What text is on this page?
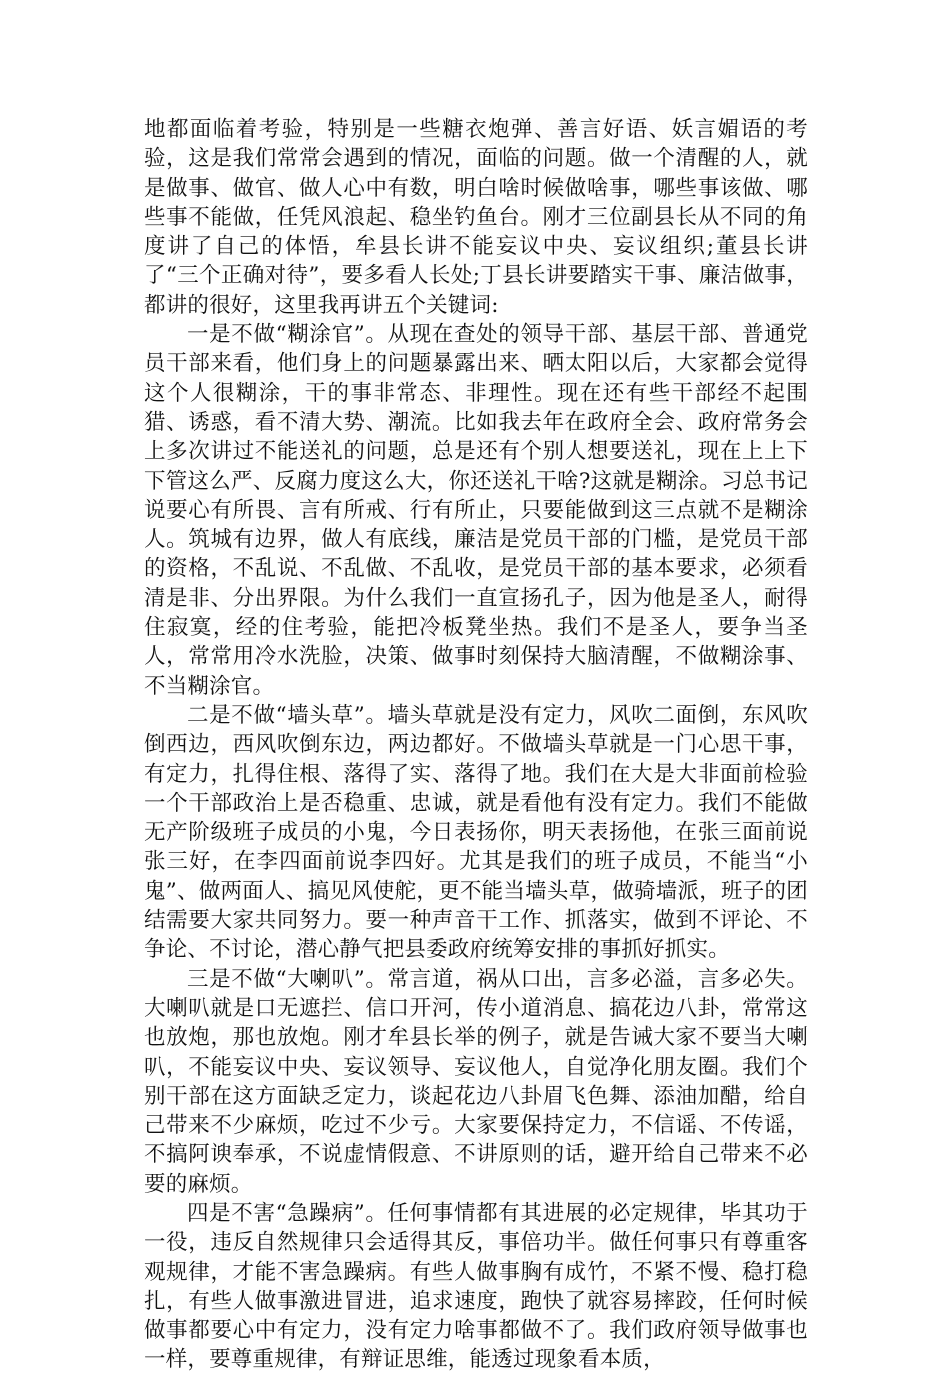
地都面临着考验，特别是一些糖衣炮弹、善言好语、妖言媚语的考验，这是我们常常会遇到的情况，面临的问题。做一个清醒的人，就是做事、做官、做人心中有数，明白啥时候做啥事，哪些事该做、哪些事不能做，任凭风浪起、稳坐钓鱼台。刚才三位副县长从不同的角度讲了自己的体悟，牟县长讲不能妄议中央、妄议组织;董县长讲了“三个正确对待”，要多看人长处;丁县长讲要踏实干事、廉洁做事，都讲的很好，这里我再讲五个关键词:

一是不做“糊涂官”。从现在查处的领导干部、基层干部、普通党员干部来看，他们身上的问题暴露出来、晒太阳以后，大家都会觉得这个人很糊涂，干的事非常态、非理性。现在还有些干部经不起围猎、诱惑，看不清大势、潮流。比如我去年在政府全会、政府常务会上多次讲过不能送礼的问题，总是还有个别人想要送礼，现在上上下下管这么严、反腐力度这么大，你还送礼干啥?这就是糊涂。习总书记说要心有所畏、言有所戒、行有所止，只要能做到这三点就不是糊涂人。筑城有边界，做人有底线，廉洁是党员干部的门槛，是党员干部的资格，不乱说、不乱做、不乱收，是党员干部的基本要求，必须看清是非、分出界限。为什么我们一直宣扬孔子，因为他是圣人，耐得住寂寞，经的住考验，能把冷板凳坐热。我们不是圣人，要争当圣人，常常用冷水洗脸，决策、做事时刻保持大脑清醒，不做糊涂事、不当糊涂官。

二是不做“墙头草”。墙头草就是没有定力，风吹二面倒，东风吹倒西边，西风吹倒东边，两边都好。不做墙头草就是一门心思干事，有定力，扎得住根、落得了实、落得了地。我们在大是大非面前检验一个干部政治上是否稳重、忠诚，就是看他有没有定力。我们不能做无产阶级班子成员的小鬼，今日表扬你，明天表扬他，在张三面前说张三好，在李四面前说李四好。尤其是我们的班子成员，不能当“小鬼”、做两面人、搞见风使舵，更不能当墙头草，做骑墙派，班子的团结需要大家共同努力。要一种声音干工作、抓落实，做到不评论、不争论、不讨论，潜心静气把县委政府统筹安排的事抓好抓实。

三是不做“大喇叭”。常言道，祸从口出，言多必溢，言多必失。大喇叭就是口无遮拦、信口开河，传小道消息、搞花边八卦，常常这也放炮，那也放炮。刚才牟县长举的例子，就是告诫大家不要当大喇叭，不能妄议中央、妄议领导、妄议他人，自觉净化朋友圈。我们个别干部在这方面缺乏定力，谈起花边八卦眉飞色舞、添油加醋，给自己带来不少麻烦，吃过不少亏。大家要保持定力，不信谣、不传谣，不搞阿谀奉承，不说虚情假意、不讲原则的话，避开给自己带来不必要的麻烦。

四是不害“急躁病”。任何事情都有其进展的必定规律，毕其功于一役，违反自然规律只会适得其反，事倍功半。做任何事只有尊重客观规律，才能不害急躁病。有些人做事胸有成竹，不紧不慢、稳打稳扎，有些人做事激进冒进，追求速度，跑快了就容易摔跤，任何时候做事都要心中有定力，没有定力啥事都做不了。我们政府领导做事也一样，要尊重规律，有辩证思维，能透过现象看本质，
